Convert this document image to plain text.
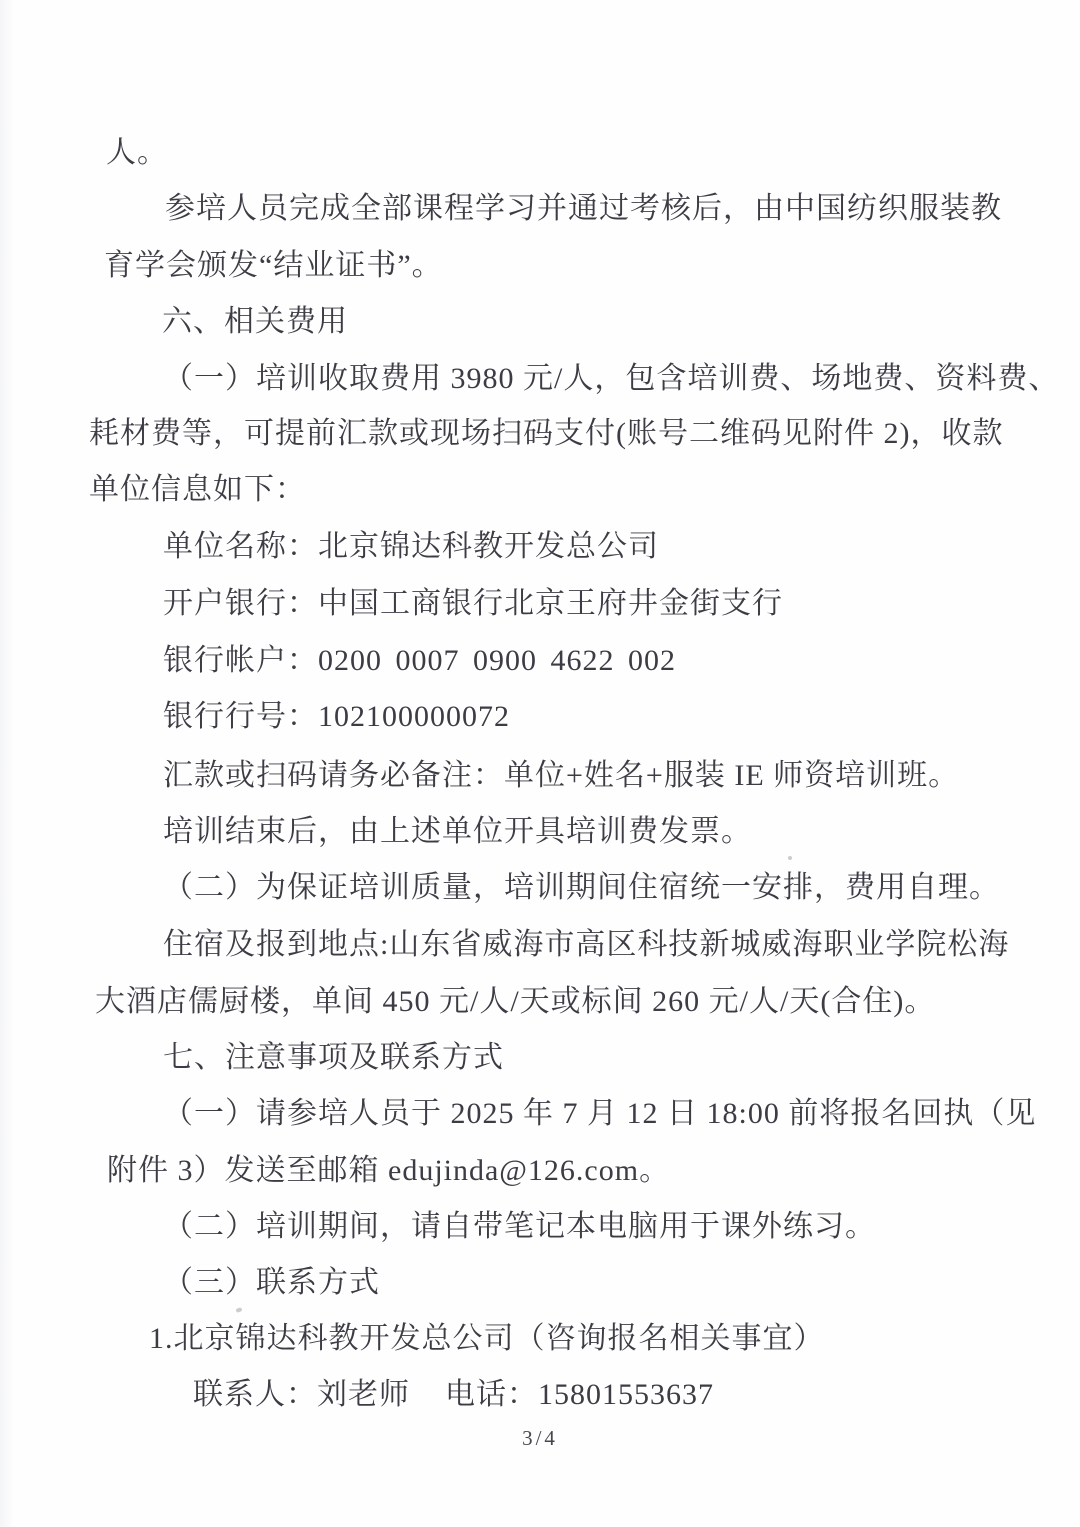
人。
参培人员完成全部课程学习并通过考核后，由中国纺织服装教
育学会颁发“结业证书”。
六、相关费用
（一）培训收取费用 3980 元/人，包含培训费、场地费、资料费、
耗材费等，可提前汇款或现场扫码支付(账号二维码见附件 2)，收款
单位信息如下：
单位名称：北京锦达科教开发总公司
开户银行：中国工商银行北京王府井金街支行
银行帐户：0200 0007 0900 4622 002
银行行号：102100000072
汇款或扫码请务必备注：单位+姓名+服装 IE 师资培训班。
培训结束后，由上述单位开具培训费发票。
（二）为保证培训质量，培训期间住宿统一安排，费用自理。
住宿及报到地点:山东省威海市高区科技新城威海职业学院松海
大酒店儒厨楼，单间 450 元/人/天或标间 260 元/人/天(合住)。
七、注意事项及联系方式
（一）请参培人员于 2025 年 7 月 12 日 18:00 前将报名回执（见
附件 3）发送至邮箱 edujinda@126.com。
（二）培训期间，请自带笔记本电脑用于课外练习。
（三）联系方式
1.北京锦达科教开发总公司（咨询报名相关事宜）
联系人：刘老师 电话：15801553637
3/4
